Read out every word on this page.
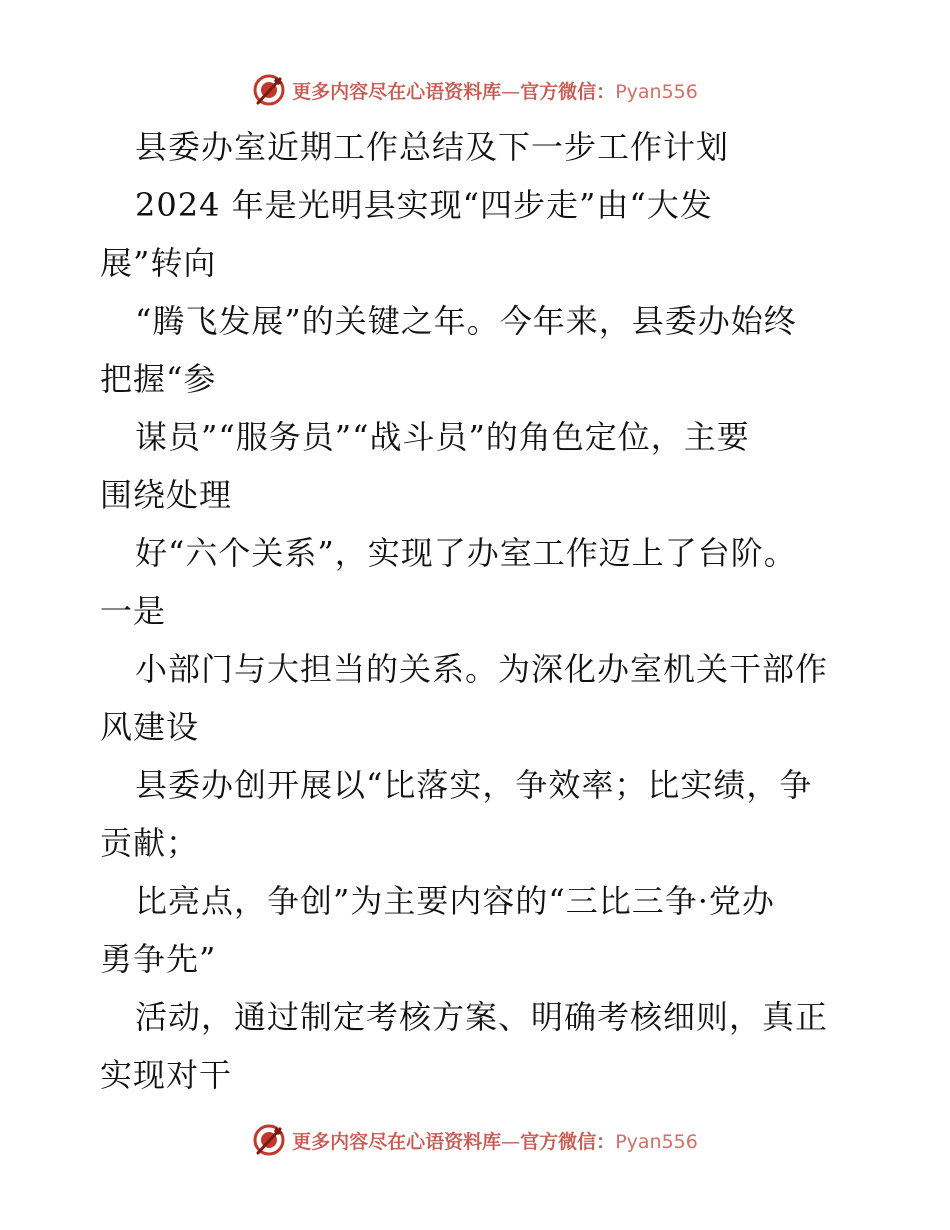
更多内容尽在心语资料库—官方微信：Pyan556
县委办室近期工作总结及下一步工作计划
2024 年是光明县实现“四步走”由“大发
展”转向
“腾飞发展”的关键之年。今年来，县委办始终
把握“参
谋员”“服务员”“战斗员”的角色定位，主要
围绕处理
好“六个关系”，实现了办室工作迈上了台阶。
一是
小部门与大担当的关系。为深化办室机关干部作
风建设
县委办创开展以“比落实，争效率；比实绩，争
贡献；
比亮点，争创”为主要内容的“三比三争·党办
勇争先”
活动，通过制定考核方案、明确考核细则，真正
实现对干
更多内容尽在心语资料库—官方微信：Pyan556
